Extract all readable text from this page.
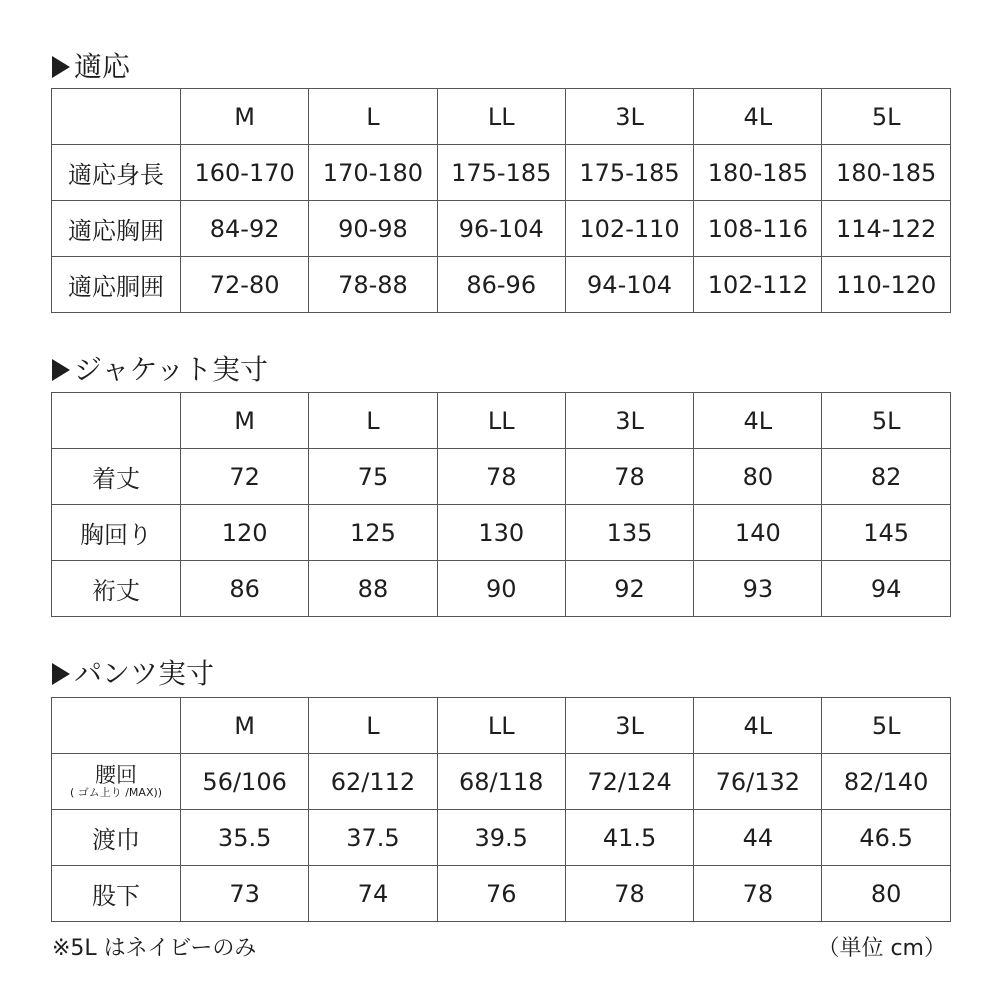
適応
	M	L	LL	3L	4L	5L
適応身長	160-170	170-180	175-185	175-185	180-185	180-185
適応胸囲	84-92	90-98	96-104	102-110	108-116	114-122
適応胴囲	72-80	78-88	86-96	94-104	102-112	110-120
ジャケット実寸
	M	L	LL	3L	4L	5L
着丈	72	75	78	78	80	82
胸回り	120	125	130	135	140	145
裄丈	86	88	90	92	93	94
パンツ実寸
	M	L	LL	3L	4L	5L

腰回
( ゴム上り /MAX))	56/106	62/112	68/118	72/124	76/132	82/140
渡巾	35.5	37.5	39.5	41.5	44	46.5
股下	73	74	76	78	78	80
※5L はネイビーのみ	（単位 cm）
